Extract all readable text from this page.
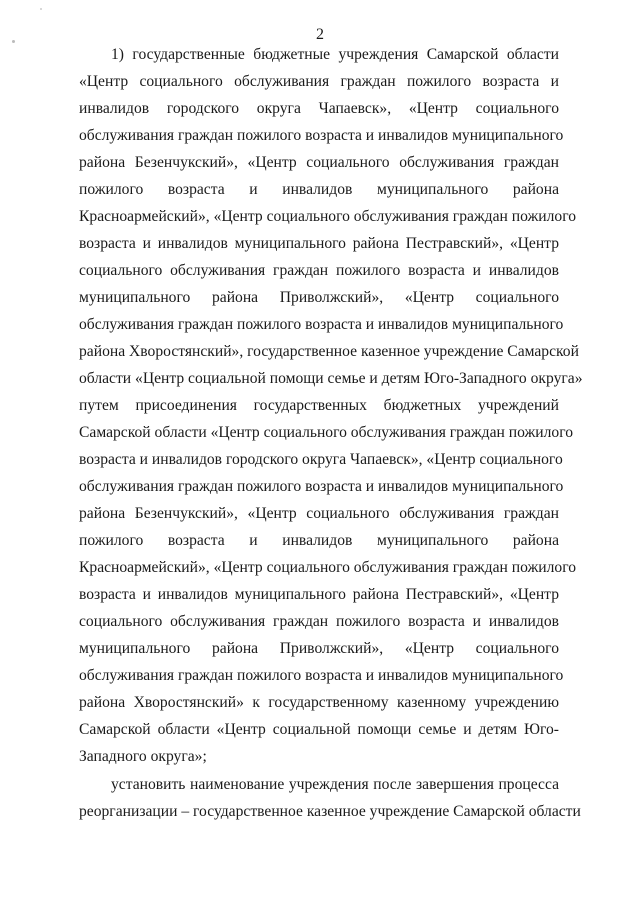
2
1) государственные бюджетные учреждения Самарской области
«Центр социального обслуживания граждан пожилого возраста и
инвалидов городского округа Чапаевск», «Центр социального
обслуживания граждан пожилого возраста и инвалидов муниципального
района Безенчукский», «Центр социального обслуживания граждан
пожилого возраста и инвалидов муниципального района
Красноармейский», «Центр социального обслуживания граждан пожилого
возраста и инвалидов муниципального района Пестравский», «Центр
социального обслуживания граждан пожилого возраста и инвалидов
муниципального района Приволжский», «Центр социального
обслуживания граждан пожилого возраста и инвалидов муниципального
района Хворостянский», государственное казенное учреждение Самарской
области «Центр социальной помощи семье и детям Юго-Западного округа»
путем присоединения государственных бюджетных учреждений
Самарской области «Центр социального обслуживания граждан пожилого
возраста и инвалидов городского округа Чапаевск», «Центр социального
обслуживания граждан пожилого возраста и инвалидов муниципального
района Безенчукский», «Центр социального обслуживания граждан
пожилого возраста и инвалидов муниципального района
Красноармейский», «Центр социального обслуживания граждан пожилого
возраста и инвалидов муниципального района Пестравский», «Центр
социального обслуживания граждан пожилого возраста и инвалидов
муниципального района Приволжский», «Центр социального
обслуживания граждан пожилого возраста и инвалидов муниципального
района Хворостянский» к государственному казенному учреждению
Самарской области «Центр социальной помощи семье и детям Юго-
Западного округа»;
установить наименование учреждения после завершения процесса
реорганизации – государственное казенное учреждение Самарской области
